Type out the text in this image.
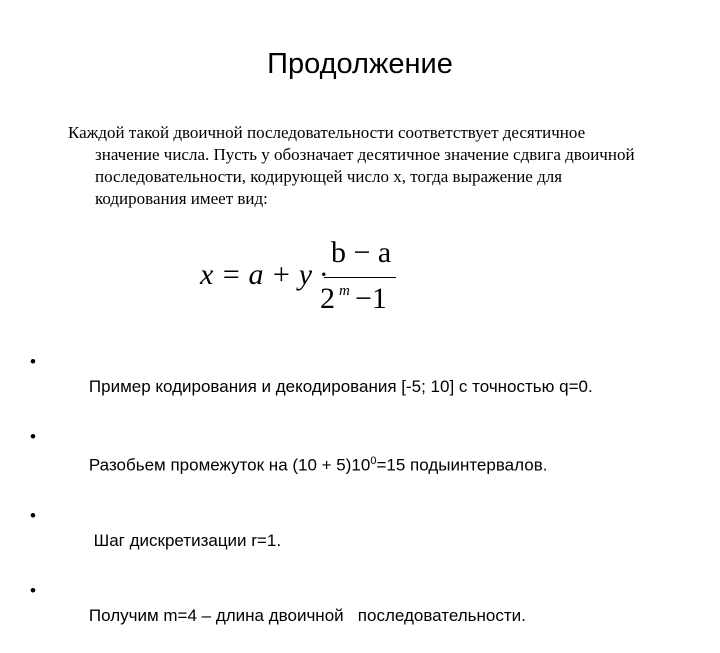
Продолжение
Каждой такой двоичной последовательности соответствует десятичное
значение числа. Пусть y обозначает десятичное значение сдвига двоичной
последовательности, кодирующей число x, тогда выражение для
кодирования имеет вид:
x = a + y ·
b − a
2 −1
m

•
Пример кодирования и декодирования [-5; 10] с точностью q=0.

•
Разобьем промежуток на $(10 + 5)10^0=15$ подыинтервалов.

•
Шаг дискретизации r=1.

•
Получим m=4 – длина двоичной   последовательности.
